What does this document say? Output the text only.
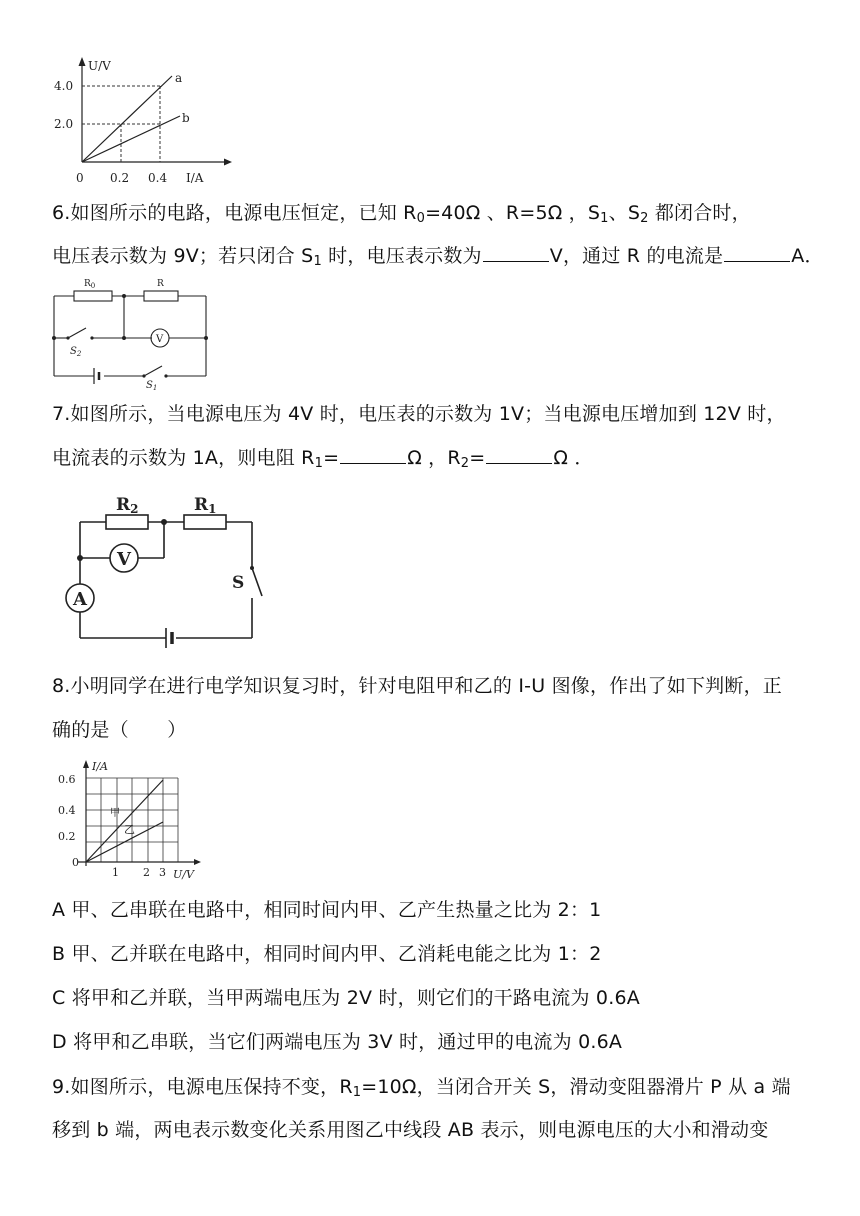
U/V
I/A
a
b
4.0
2.0
0 0.2 0.4
6.如图所示的电路，电源电压恒定，已知 $R_0=40\Omega$ 、R=5Ω ，$S_1$、$S_2$ 都闭合时，
电压表示数为 9V；若只闭合 $S_1$ 时，电压表示数为	V，通过 R 的电流是	A．
$R_0$	R
V
$S_2$
$S_1$
7.如图所示，当电源电压为 4V 时，电压表的示数为 1V；当电源电压增加到 12V 时，
电流表的示数为 1A，则电阻 $R_1=$	Ω ，$R_2=$	Ω ．
R2	R1
V
A
S
8.小明同学在进行电学知识复习时，针对电阻甲和乙的 I-U 图像，作出了如下判断，正
确的是（　　）
I/A
U/V
甲
乙
0.6
0.4
0.2
0
1 2 3
A 甲、乙串联在电路中，相同时间内甲、乙产生热量之比为 2：1
B 甲、乙并联在电路中，相同时间内甲、乙消耗电能之比为 1：2
C 将甲和乙并联，当甲两端电压为 2V 时，则它们的干路电流为 0.6A
D 将甲和乙串联，当它们两端电压为 3V 时，通过甲的电流为 0.6A
9.如图所示，电源电压保持不变，$R_1=10\Omega$，当闭合开关 S，滑动变阻器滑片 P 从 a 端
移到 b 端，两电表示数变化关系用图乙中线段 AB 表示，则电源电压的大小和滑动变
